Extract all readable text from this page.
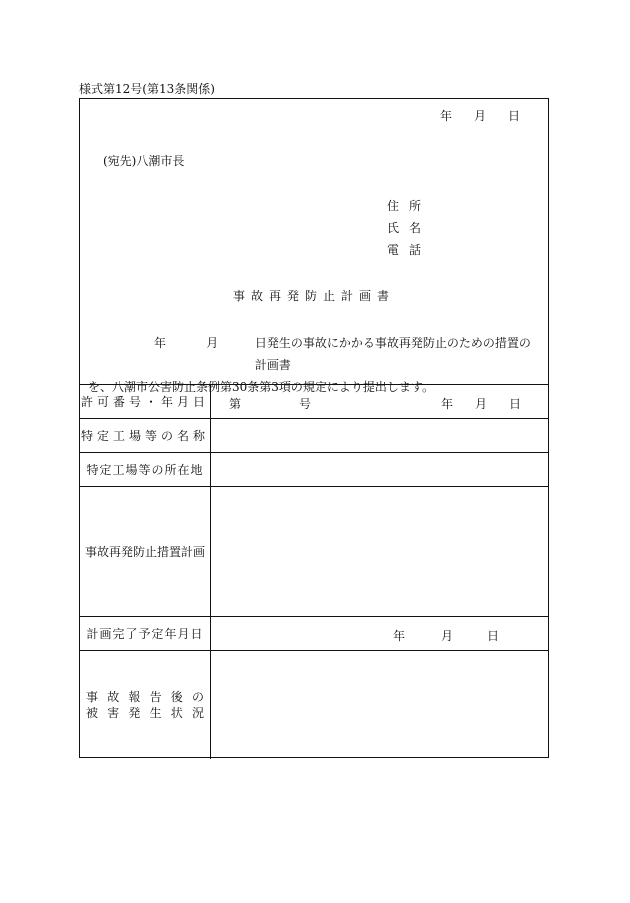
様式第12号(第13条関係)
年 月 日
(宛先)八潮市長
住所
氏名
電話
事故再発防止計画書
年	月	日発生の事故にかかる事故再発防止のための措置の計画書
を、八潮市公害防止条例第30条第3項の規定により提出します。
許可番号・年月日 第	号	年 月 日
特定工場等の名称
特定工場等の所在地
事故再発防止措置計画
計画完了予定年月日	年	月	日
事 故 報 告 後 の
被 害 発 生 状 況
